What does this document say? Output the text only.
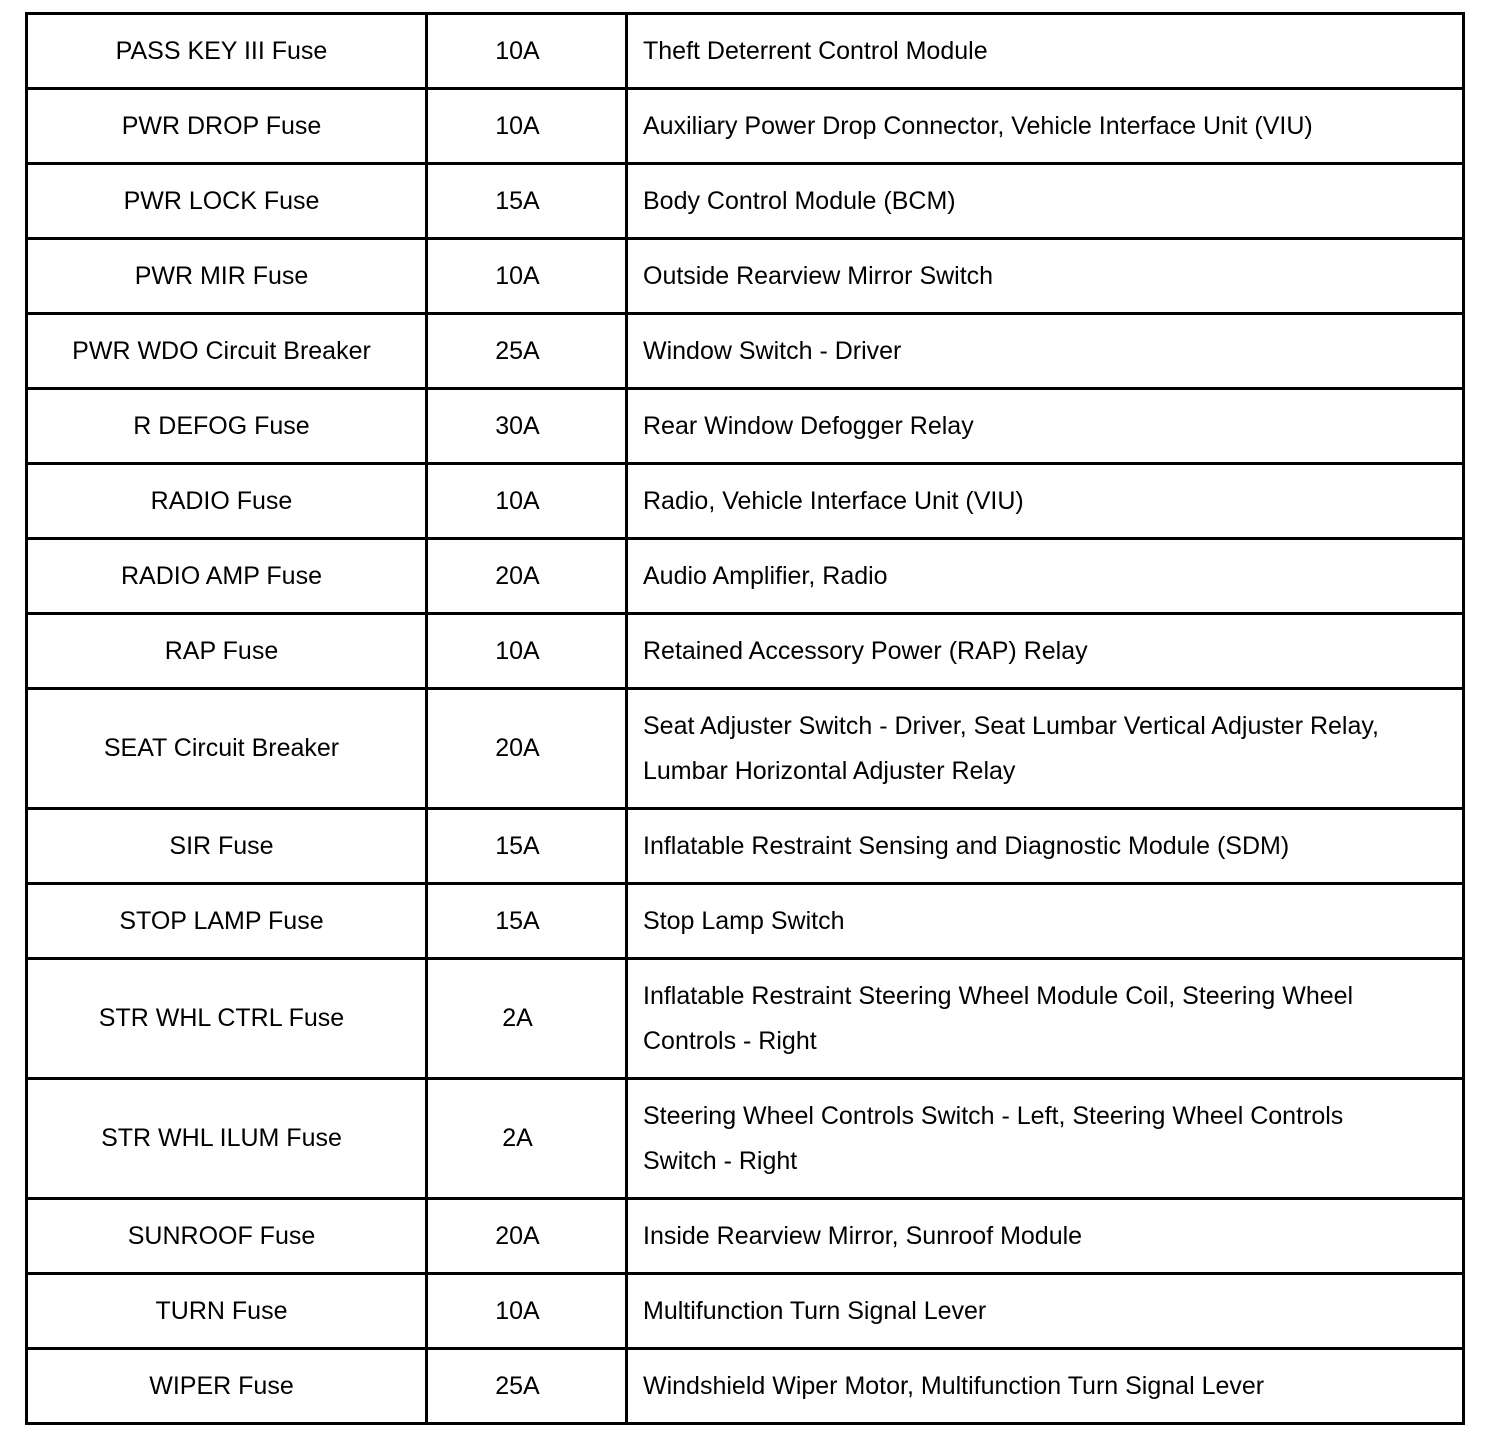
PASS KEY III Fuse	10A	Theft Deterrent Control Module
PWR DROP Fuse	10A	Auxiliary Power Drop Connector, Vehicle Interface Unit (VIU)
PWR LOCK Fuse	15A	Body Control Module (BCM)
PWR MIR Fuse	10A	Outside Rearview Mirror Switch
PWR WDO Circuit Breaker	25A	Window Switch - Driver
R DEFOG Fuse	30A	Rear Window Defogger Relay
RADIO Fuse	10A	Radio, Vehicle Interface Unit (VIU)
RADIO AMP Fuse	20A	Audio Amplifier, Radio
RAP Fuse	10A	Retained Accessory Power (RAP) Relay
SEAT Circuit Breaker	20A	Seat Adjuster Switch - Driver, Seat Lumbar Vertical Adjuster Relay, Lumbar Horizontal Adjuster Relay
SIR Fuse	15A	Inflatable Restraint Sensing and Diagnostic Module (SDM)
STOP LAMP Fuse	15A	Stop Lamp Switch
STR WHL CTRL Fuse	2A	Inflatable Restraint Steering Wheel Module Coil, Steering Wheel Controls - Right
STR WHL ILUM Fuse	2A	Steering Wheel Controls Switch - Left, Steering Wheel Controls Switch - Right
SUNROOF Fuse	20A	Inside Rearview Mirror, Sunroof Module
TURN Fuse	10A	Multifunction Turn Signal Lever
WIPER Fuse	25A	Windshield Wiper Motor, Multifunction Turn Signal Lever
